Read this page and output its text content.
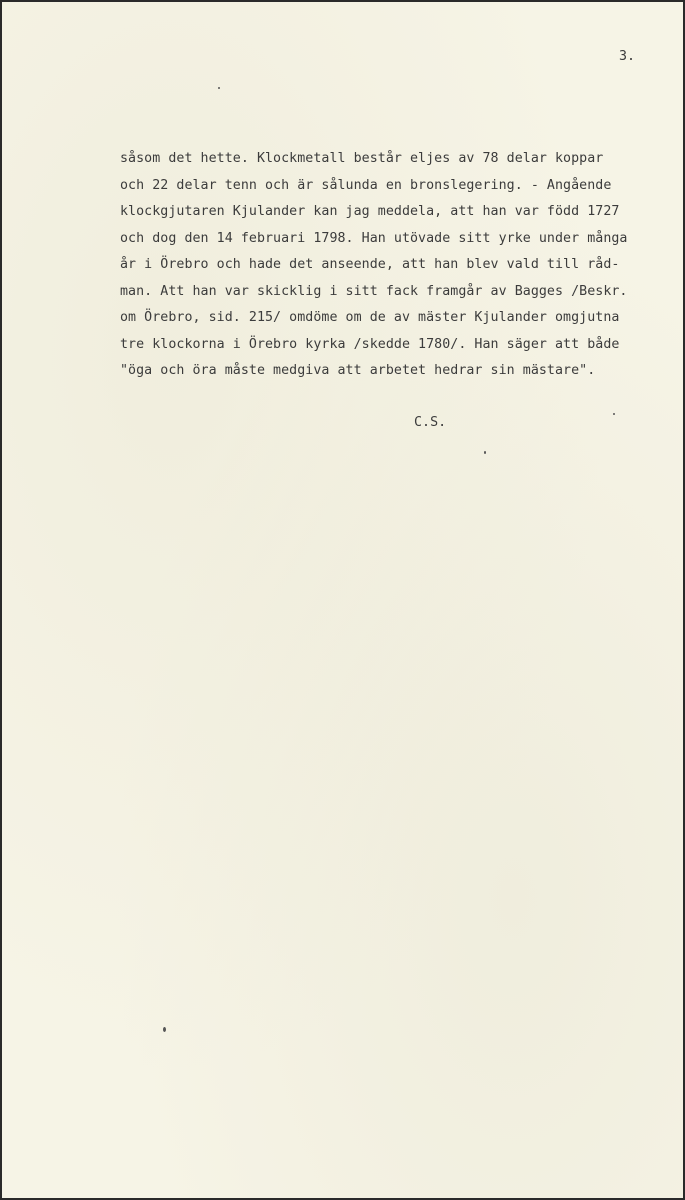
3.
såsom det hette. Klockmetall består eljes av 78 delar koppar
och 22 delar tenn och är sålunda en bronslegering. - Angående
klockgjutaren Kjulander kan jag meddela, att han var född 1727
och dog den 14 februari 1798. Han utövade sitt yrke under många
år i Örebro och hade det anseende, att han blev vald till råd-
man. Att han var skicklig i sitt fack framgår av Bagges /Beskr.
om Örebro, sid. 215/ omdöme om de av mäster Kjulander omgjutna
tre klockorna i Örebro kyrka /skedde 1780/. Han säger att både
"öga och öra måste medgiva att arbetet hedrar sin mästare".
C.S.
